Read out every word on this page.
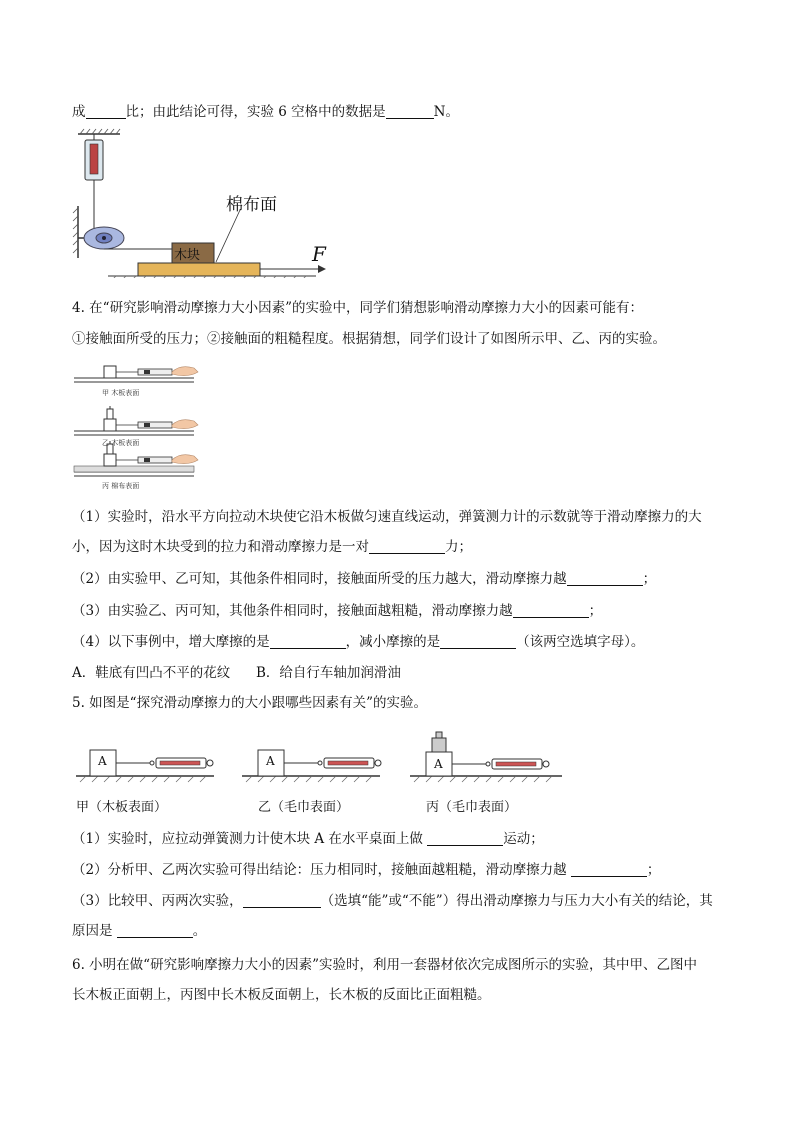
成	比；由此结论可得，实验 6 空格中的数据是	N。
棉布面
木块	F
4. 在“研究影响滑动摩擦力大小因素”的实验中，同学们猜想影响滑动摩擦力大小的因素可能有：
①接触面所受的压力；②接触面的粗糙程度。根据猜想，同学们设计了如图所示甲、乙、丙的实验。
甲 木板表面
乙 木板表面
丙 棉布表面
（1）实验时，沿水平方向拉动木块使它沿木板做匀速直线运动，弹簧测力计的示数就等于滑动摩擦力的大
小，因为这时木块受到的拉力和滑动摩擦力是一对	力；
（2）由实验甲、乙可知，其他条件相同时，接触面所受的压力越大，滑动摩擦力越	；
（3）由实验乙、丙可知，其他条件相同时，接触面越粗糙，滑动摩擦力越	；
（4）以下事例中，增大摩擦的是	，减小摩擦的是	（该两空选填字母）。
A．鞋底有凹凸不平的花纹      B．给自行车轴加润滑油
5. 如图是“探究滑动摩擦力的大小跟哪些因素有关”的实验。
A	A	A
甲（木板表面）	乙（毛巾表面）	丙（毛巾表面）
（1）实验时，应拉动弹簧测力计使木块 A 在水平桌面上做	运动；
（2）分析甲、乙两次实验可得出结论：压力相同时，接触面越粗糙，滑动摩擦力越	；
（3）比较甲、丙两次实验，	（选填“能”或“不能”）得出滑动摩擦力与压力大小有关的结论，其
原因是	。
6. 小明在做“研究影响摩擦力大小的因素”实验时，利用一套器材依次完成图所示的实验，其中甲、乙图中
长木板正面朝上，丙图中长木板反面朝上，长木板的反面比正面粗糙。
